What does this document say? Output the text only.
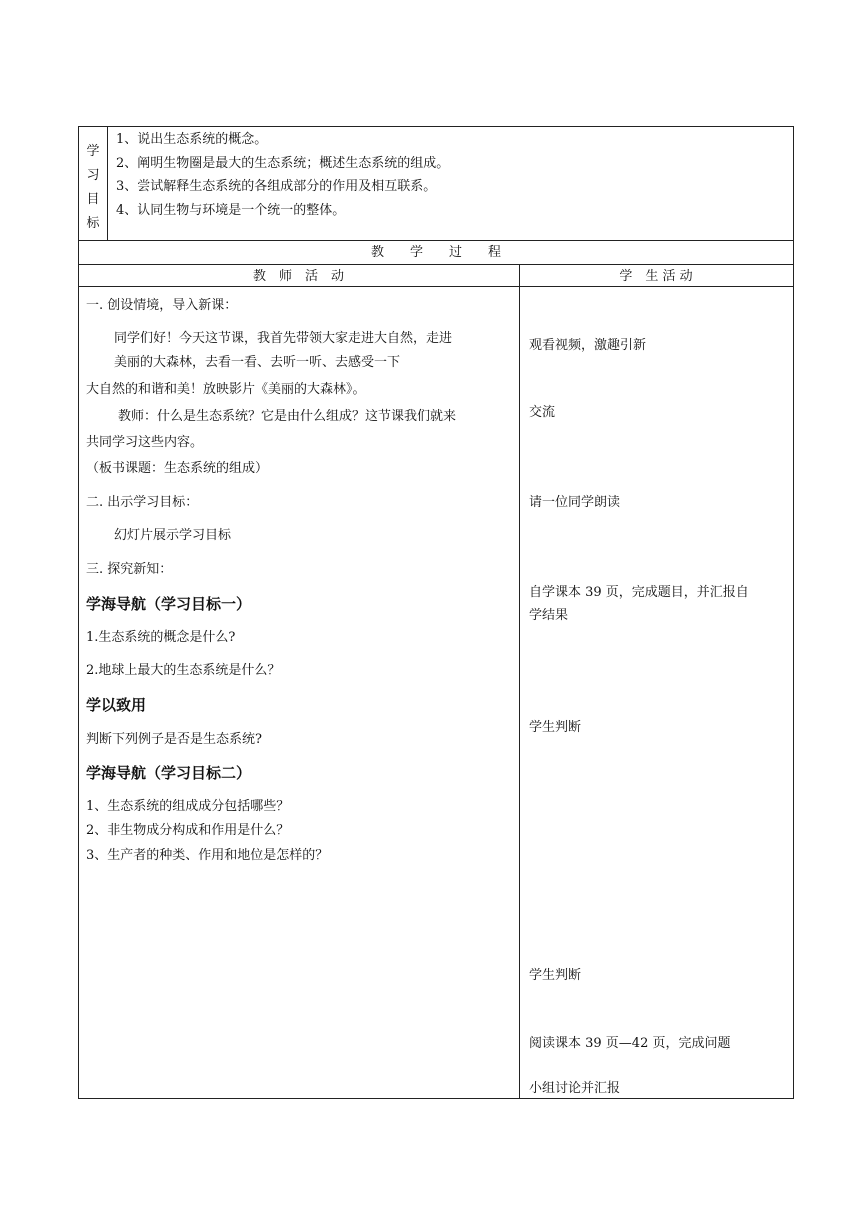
学
习
目
标
1、说出生态系统的概念。
2、阐明生物圈是最大的生态系统；概述生态系统的组成。
3、尝试解释生态系统的各组成部分的作用及相互联系。
4、认同生物与环境是一个统一的整体。
教　　学　　过　　程
教　师　活　动	学　生 活 动
一. 创设情境，导入新课：
同学们好！今天这节课，我首先带领大家走进大自然，走进
美丽的大森林，去看一看、去听一听、去感受一下
大自然的和谐和美！放映影片《美丽的大森林》。
教师：什么是生态系统？它是由什么组成？这节课我们就来
共同学习这些内容。
（板书课题：生态系统的组成）
二. 出示学习目标：
幻灯片展示学习目标
三. 探究新知：
学海导航（学习目标一）
1.生态系统的概念是什么?
2.地球上最大的生态系统是什么？
学以致用
判断下列例子是否是生态系统?
学海导航（学习目标二）
1、生态系统的组成成分包括哪些？
2、非生物成分构成和作用是什么？
3、生产者的种类、作用和地位是怎样的？
观看视频，激趣引新
交流
请一位同学朗读
自学课本 39 页，完成题目，并汇报自
学结果
学生判断
学生判断
阅读课本 39 页—42 页，完成问题
小组讨论并汇报
